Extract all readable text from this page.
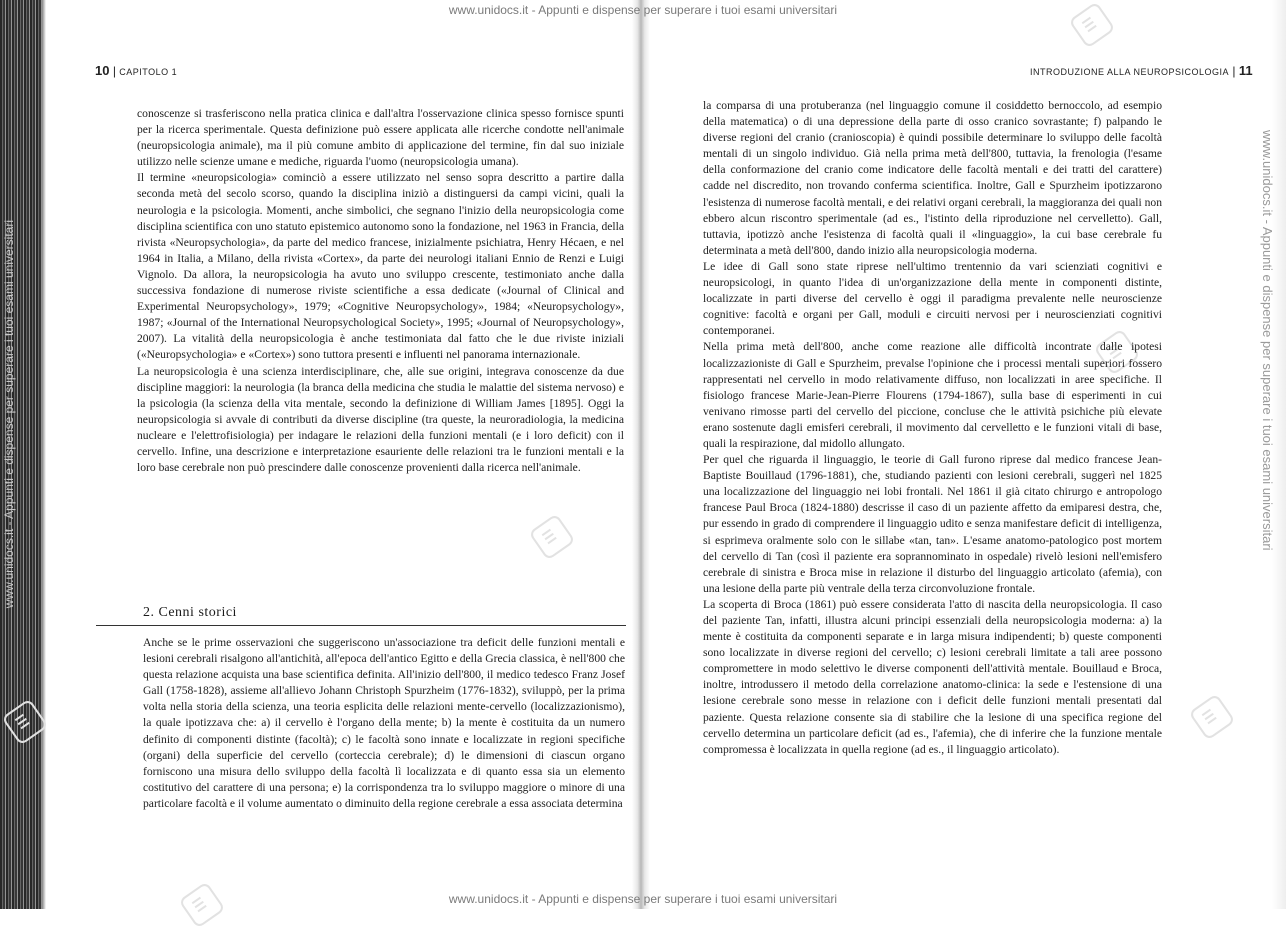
www.unidocs.it - Appunti e dispense per superare i tuoi esami universitari
www.unidocs.it - Appunti e dispense per superare i tuoi esami universitari
www.unidocs.it - Appunti e dispense per superare i tuoi esami universitari
www.unidocs.it - Appunti e dispense per superare i tuoi esami universitari
10 | CAPITOLO 1	INTRODUZIONE ALLA NEUROPSICOLOGIA | 11

conoscenze si trasferiscono nella pratica clinica e dall'altra l'osservazione clinica spesso fornisce spunti per la ricerca sperimentale. Questa definizione può essere applicata alle ricerche condotte nell'animale (neuropsicologia animale), ma il più comune ambito di applicazione del termine, fin dal suo iniziale utilizzo nelle scienze umane e mediche, riguarda l'uomo (neuropsicologia umana).

Il termine «neuropsicologia» cominciò a essere utilizzato nel senso sopra descritto a partire dalla seconda metà del secolo scorso, quando la disciplina iniziò a distinguersi da campi vicini, quali la neurologia e la psicologia. Momenti, anche simbolici, che segnano l'inizio della neuropsicologia come disciplina scientifica con uno statuto epistemico autonomo sono la fondazione, nel 1963 in Francia, della rivista «Neuropsychologia», da parte del medico francese, inizialmente psichiatra, Henry Hécaen, e nel 1964 in Italia, a Milano, della rivista «Cortex», da parte dei neurologi italiani Ennio de Renzi e Luigi Vignolo. Da allora, la neuropsicologia ha avuto uno sviluppo crescente, testimoniato anche dalla successiva fondazione di numerose riviste scientifiche a essa dedicate («Journal of Clinical and Experimental Neuropsychology», 1979; «Cognitive Neuropsychology», 1984; «Neuropsychology», 1987; «Journal of the International Neuropsychological Society», 1995; «Journal of Neuropsychology», 2007). La vitalità della neuropsicologia è anche testimoniata dal fatto che le due riviste iniziali («Neuropsychologia» e «Cortex») sono tuttora presenti e influenti nel panorama internazionale.

La neuropsicologia è una scienza interdisciplinare, che, alle sue origini, integrava conoscenze da due discipline maggiori: la neurologia (la branca della medicina che studia le malattie del sistema nervoso) e la psicologia (la scienza della vita mentale, secondo la definizione di William James [1895]. Oggi la neuropsicologia si avvale di contributi da diverse discipline (tra queste, la neuroradiologia, la medicina nucleare e l'elettrofisiologia) per indagare le relazioni della funzioni mentali (e i loro deficit) con il cervello. Infine, una descrizione e interpretazione esauriente delle relazioni tra le funzioni mentali e la loro base cerebrale non può prescindere dalle conoscenze provenienti dalla ricerca nell'animale.

2. Cenni storici

Anche se le prime osservazioni che suggeriscono un'associazione tra deficit delle funzioni mentali e lesioni cerebrali risalgono all'antichità, all'epoca dell'antico Egitto e della Grecia classica, è nell'800 che questa relazione acquista una base scientifica definita. All'inizio dell'800, il medico tedesco Franz Josef Gall (1758-1828), assieme all'allievo Johann Christoph Spurzheim (1776-1832), sviluppò, per la prima volta nella storia della scienza, una teoria esplicita delle relazioni mente-cervello (localizzazionismo), la quale ipotizzava che: a) il cervello è l'organo della mente; b) la mente è costituita da un numero definito di componenti distinte (facoltà); c) le facoltà sono innate e localizzate in regioni specifiche (organi) della superficie del cervello (corteccia cerebrale); d) le dimensioni di ciascun organo forniscono una misura dello sviluppo della facoltà lì localizzata e di quanto essa sia un elemento costitutivo del carattere di una persona; e) la corrispondenza tra lo sviluppo maggiore o minore di una particolare facoltà e il volume aumentato o diminuito della regione cerebrale a essa associata determina

la comparsa di una protuberanza (nel linguaggio comune il cosiddetto bernoccolo, ad esempio della matematica) o di una depressione della parte di osso cranico sovrastante; f) palpando le diverse regioni del cranio (cranioscopia) è quindi possibile determinare lo sviluppo delle facoltà mentali di un singolo individuo. Già nella prima metà dell'800, tuttavia, la frenologia (l'esame della conformazione del cranio come indicatore delle facoltà mentali e dei tratti del carattere) cadde nel discredito, non trovando conferma scientifica. Inoltre, Gall e Spurzheim ipotizzarono l'esistenza di numerose facoltà mentali, e dei relativi organi cerebrali, la maggioranza dei quali non ebbero alcun riscontro sperimentale (ad es., l'istinto della riproduzione nel cervelletto). Gall, tuttavia, ipotizzò anche l'esistenza di facoltà quali il «linguaggio», la cui base cerebrale fu determinata a metà dell'800, dando inizio alla neuropsicologia moderna.

Le idee di Gall sono state riprese nell'ultimo trentennio da vari scienziati cognitivi e neuropsicologi, in quanto l'idea di un'organizzazione della mente in componenti distinte, localizzate in parti diverse del cervello è oggi il paradigma prevalente nelle neuroscienze cognitive: facoltà e organi per Gall, moduli e circuiti nervosi per i neuroscienziati cognitivi contemporanei.

Nella prima metà dell'800, anche come reazione alle difficoltà incontrate dalle ipotesi localizzazioniste di Gall e Spurzheim, prevalse l'opinione che i processi mentali superiori fossero rappresentati nel cervello in modo relativamente diffuso, non localizzati in aree specifiche. Il fisiologo francese Marie-Jean-Pierre Flourens (1794-1867), sulla base di esperimenti in cui venivano rimosse parti del cervello del piccione, concluse che le attività psichiche più elevate erano sostenute dagli emisferi cerebrali, il movimento dal cervelletto e le funzioni vitali di base, quali la respirazione, dal midollo allungato.

Per quel che riguarda il linguaggio, le teorie di Gall furono riprese dal medico francese Jean-Baptiste Bouillaud (1796-1881), che, studiando pazienti con lesioni cerebrali, suggerì nel 1825 una localizzazione del linguaggio nei lobi frontali. Nel 1861 il già citato chirurgo e antropologo francese Paul Broca (1824-1880) descrisse il caso di un paziente affetto da emiparesi destra, che, pur essendo in grado di comprendere il linguaggio udito e senza manifestare deficit di intelligenza, si esprimeva oralmente solo con le sillabe «tan, tan». L'esame anatomo-patologico post mortem del cervello di Tan (così il paziente era soprannominato in ospedale) rivelò lesioni nell'emisfero cerebrale di sinistra e Broca mise in relazione il disturbo del linguaggio articolato (afemia), con una lesione della parte più ventrale della terza circonvoluzione frontale.

La scoperta di Broca (1861) può essere considerata l'atto di nascita della neuropsicologia. Il caso del paziente Tan, infatti, illustra alcuni principi essenziali della neuropsicologia moderna: a) la mente è costituita da componenti separate e in larga misura indipendenti; b) queste componenti sono localizzate in diverse regioni del cervello; c) lesioni cerebrali limitate a tali aree possono compromettere in modo selettivo le diverse componenti dell'attività mentale. Bouillaud e Broca, inoltre, introdussero il metodo della correlazione anatomo-clinica: la sede e l'estensione di una lesione cerebrale sono messe in relazione con i deficit delle funzioni mentali presentati dal paziente. Questa relazione consente sia di stabilire che la lesione di una specifica regione del cervello determina un particolare deficit (ad es., l'afemia), che di inferire che la funzione mentale compromessa è localizzata in quella regione (ad es., il linguaggio articolato).
